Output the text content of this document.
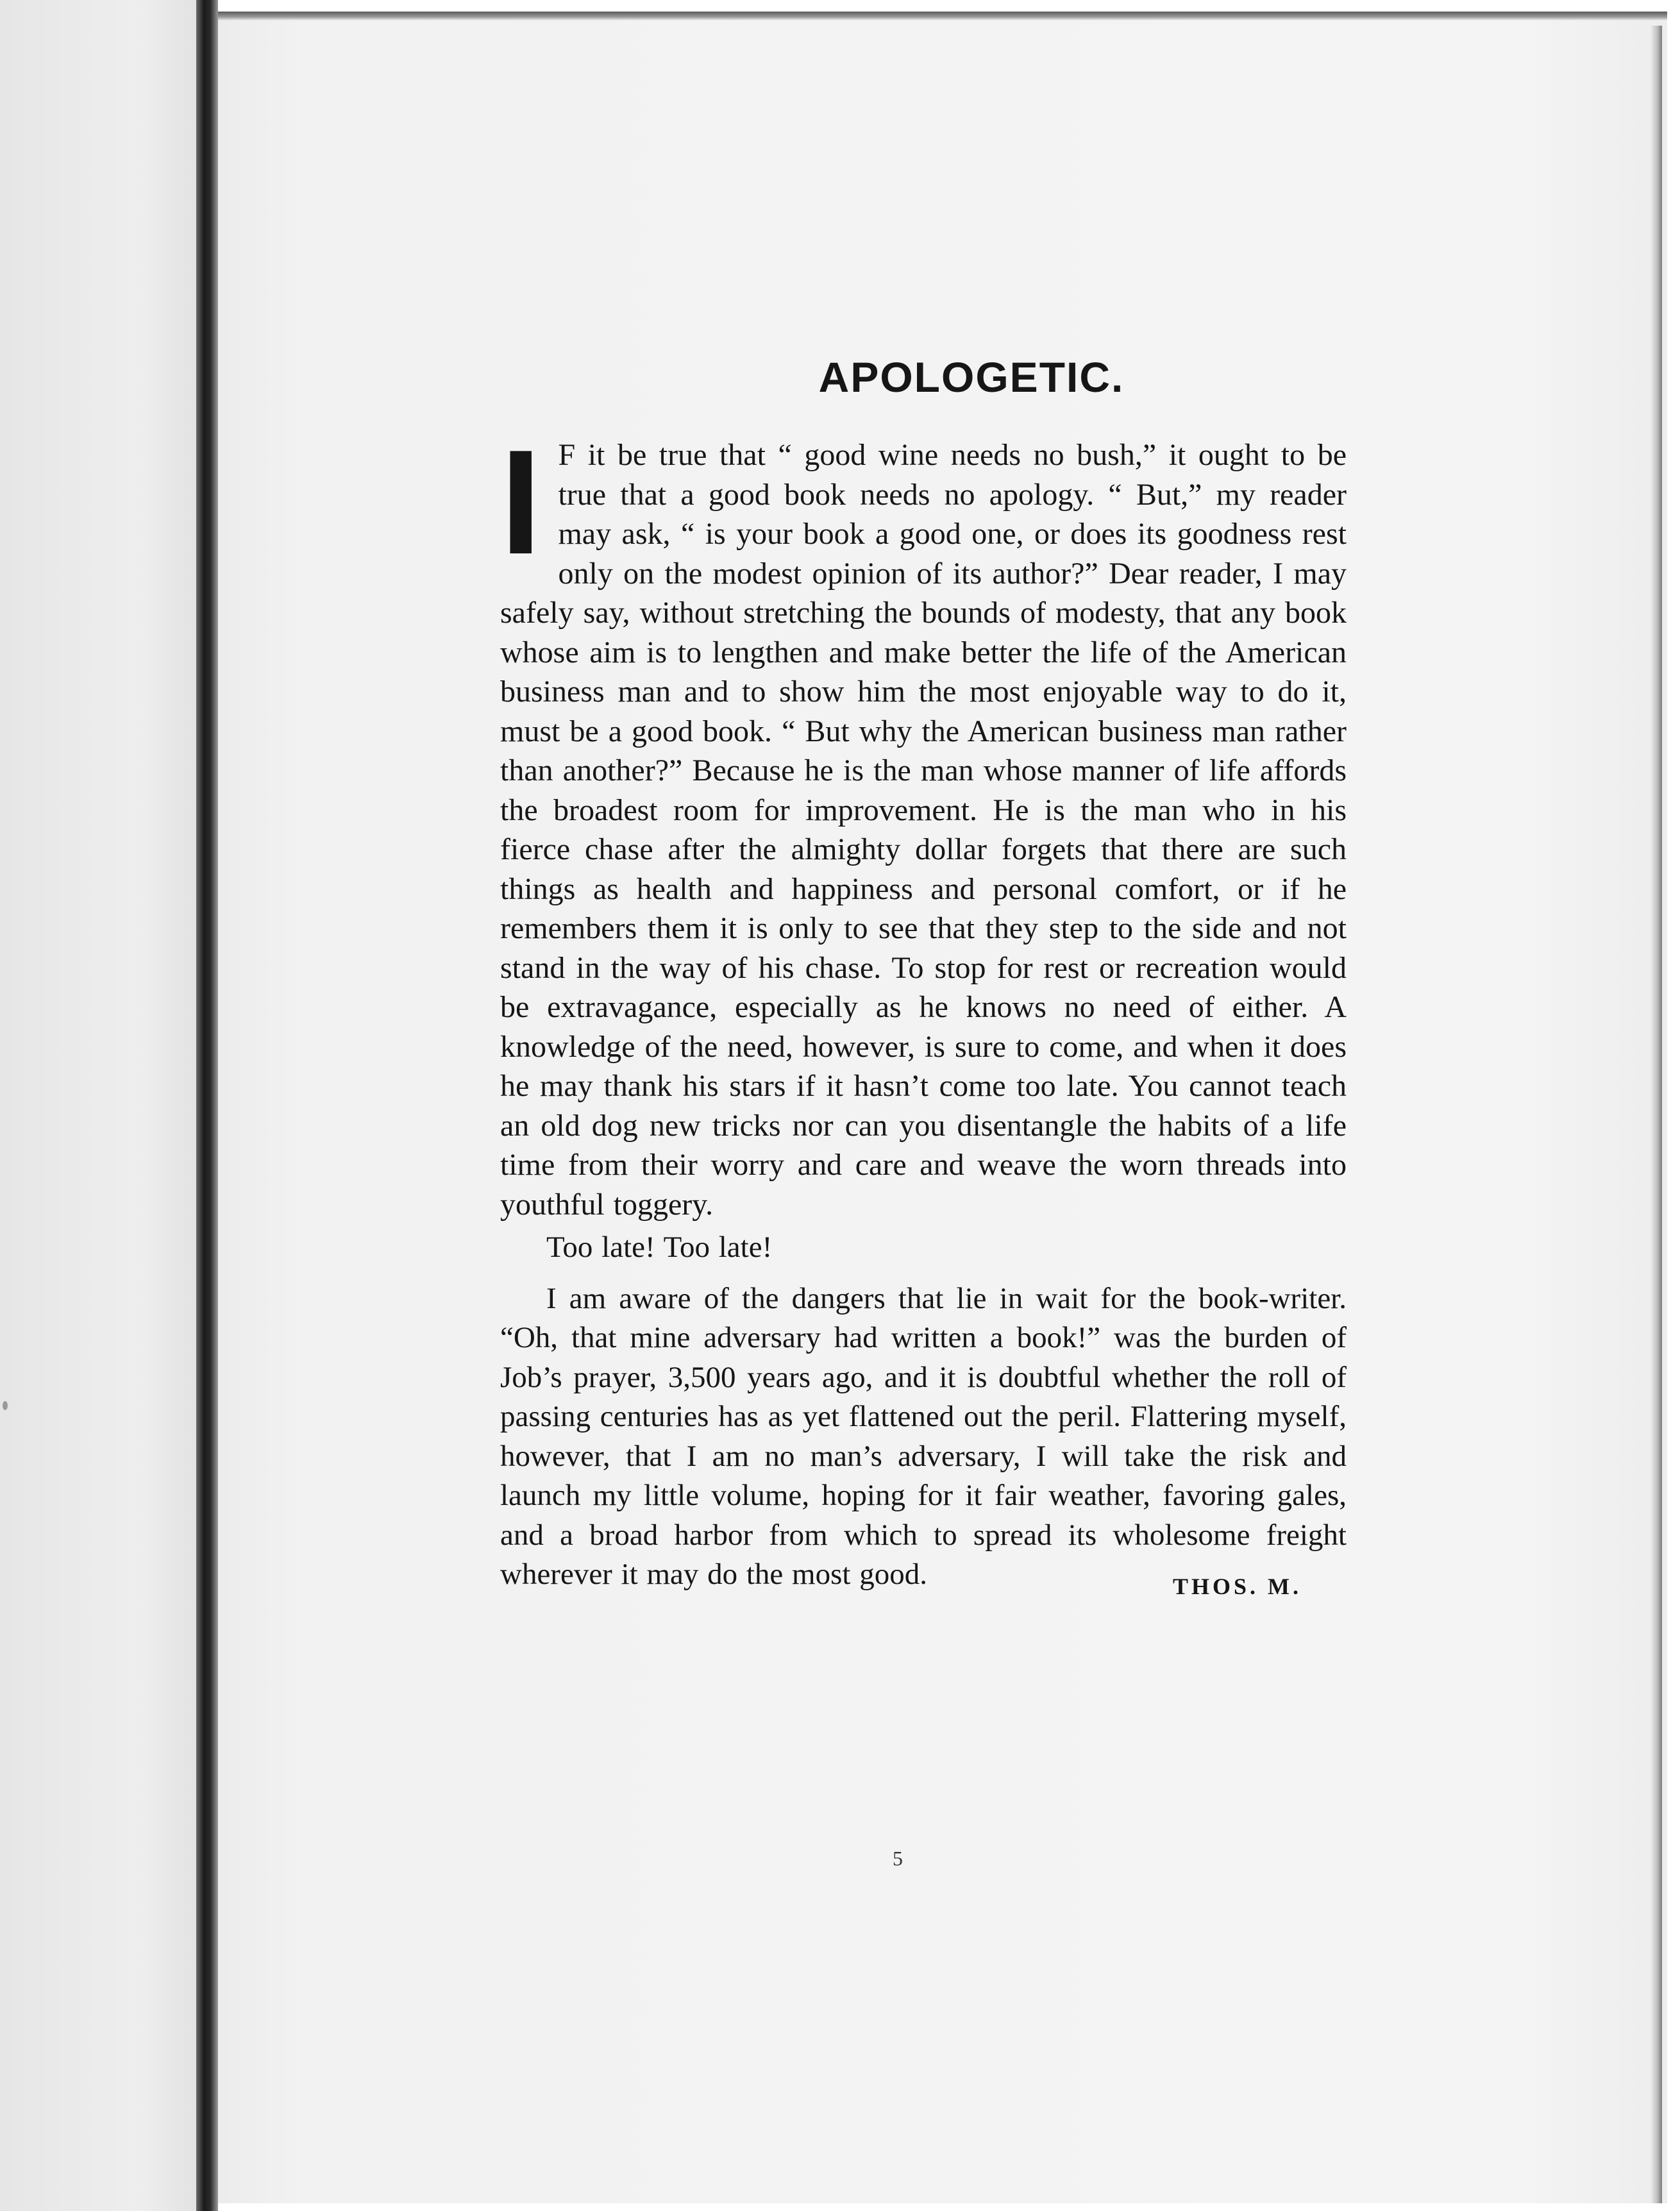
APOLOGETIC.

IF it be true that “ good wine needs no bush,” it ought to be true that a good book needs no apology. “ But,” my reader may ask, “ is your book a good one, or does its goodness rest only on the modest opinion of its author?” Dear reader, I may safely say, without stretching the bounds of modesty, that any book whose aim is to lengthen and make better the life of the American business man and to show him the most enjoyable way to do it, must be a good book. “ But why the American business man rather than another?” Because he is the man whose manner of life affords the broadest room for improvement. He is the man who in his fierce chase after the almighty dollar forgets that there are such things as health and happiness and personal comfort, or if he remembers them it is only to see that they step to the side and not stand in the way of his chase. To stop for rest or recreation would be extravagance, especially as he knows no need of either. A knowledge of the need, however, is sure to come, and when it does he may thank his stars if it hasn’t come too late. You cannot teach an old dog new tricks nor can you disentangle the habits of a life time from their worry and care and weave the worn threads into youthful toggery.

Too late! Too late!

I am aware of the dangers that lie in wait for the book-writer. “Oh, that mine adversary had written a book!” was the burden of Job’s prayer, 3,500 years ago, and it is doubtful whether the roll of passing centuries has as yet flattened out the peril. Flattering myself, however, that I am no man’s adversary, I will take the risk and launch my little volume, hoping for it fair weather, favoring gales, and a broad harbor from which to spread its wholesome freight wherever it may do the most good.	THOS. M.
5
